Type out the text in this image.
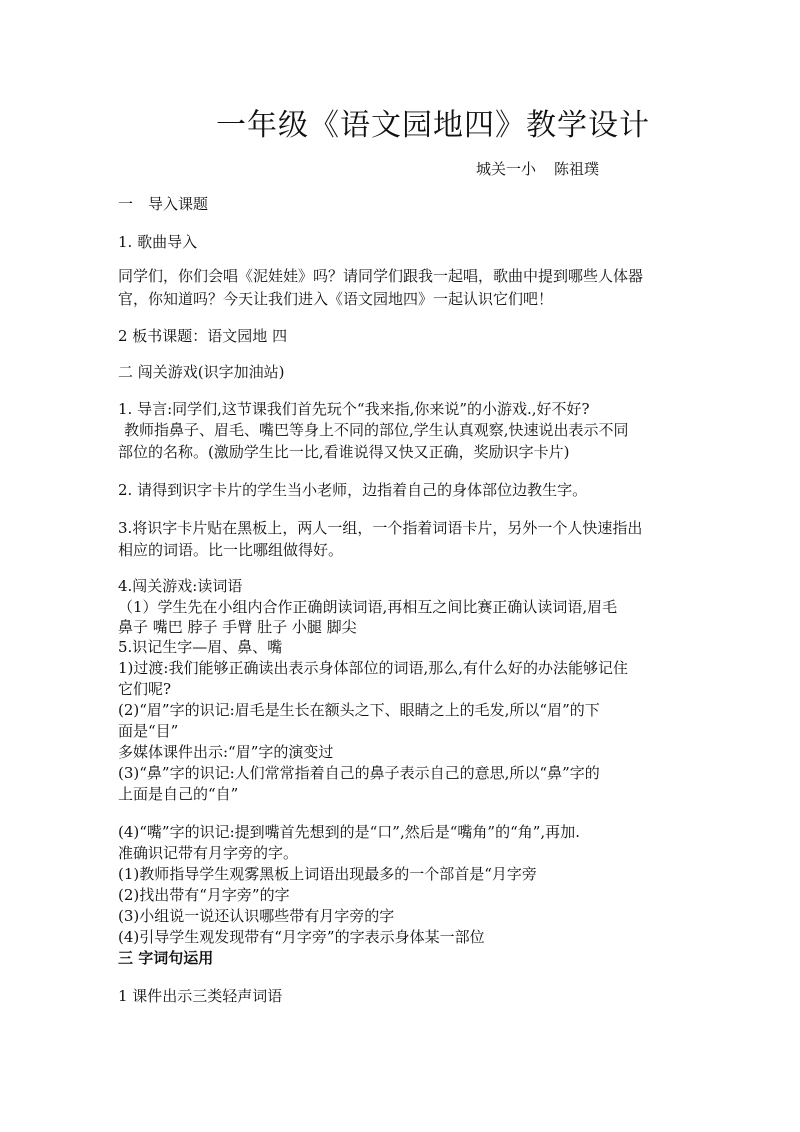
一年级《语文园地四》教学设计
城关一小 陈祖璞
一　导入课题
1. 歌曲导入
同学们，你们会唱《泥娃娃》吗？请同学们跟我一起唱，歌曲中提到哪些人体器
官，你知道吗？今天让我们进入《语文园地四》一起认识它们吧！
2 板书课题：语文园地 四
二 闯关游戏(识字加油站)
1. 导言:同学们,这节课我们首先玩个“我来指,你来说”的小游戏.,好不好?
教师指鼻子、眉毛、嘴巴等身上不同的部位,学生认真观察,快速说出表示不同
部位的名称。(激励学生比一比,看谁说得又快又正确，奖励识字卡片)
2. 请得到识字卡片的学生当小老师，边指着自己的身体部位边教生字。
3.将识字卡片贴在黑板上，两人一组，一个指着词语卡片，另外一个人快速指出
相应的词语。比一比哪组做得好。
4.闯关游戏:读词语
（1）学生先在小组内合作正确朗读词语,再相互之间比赛正确认读词语,眉毛
鼻子 嘴巴 脖子 手臂 肚子 小腿 脚尖
5.识记生字—眉、鼻、嘴
1)过渡:我们能够正确读出表示身体部位的词语,那么,有什么好的办法能够记住
它们呢?
(2)“眉”字的识记:眉毛是生长在额头之下、眼睛之上的毛发,所以“眉”的下
面是“目”
多媒体课件出示:“眉”字的演变过
(3)“鼻”字的识记:人们常常指着自己的鼻子表示自己的意思,所以“鼻”字的
上面是自己的“自”
(4)“嘴”字的识记:提到嘴首先想到的是“口”,然后是“嘴角”的“角”,再加.
准确识记带有月字旁的字。
(1)教师指导学生观雾黑板上词语出现最多的一个部首是“月字旁
(2)找出带有“月字旁”的字
(3)小组说一说还认识哪些带有月字旁的字
(4)引导学生观发现带有“月字旁”的字表示身体某一部位
三 字词句运用
1 课件出示三类轻声词语
